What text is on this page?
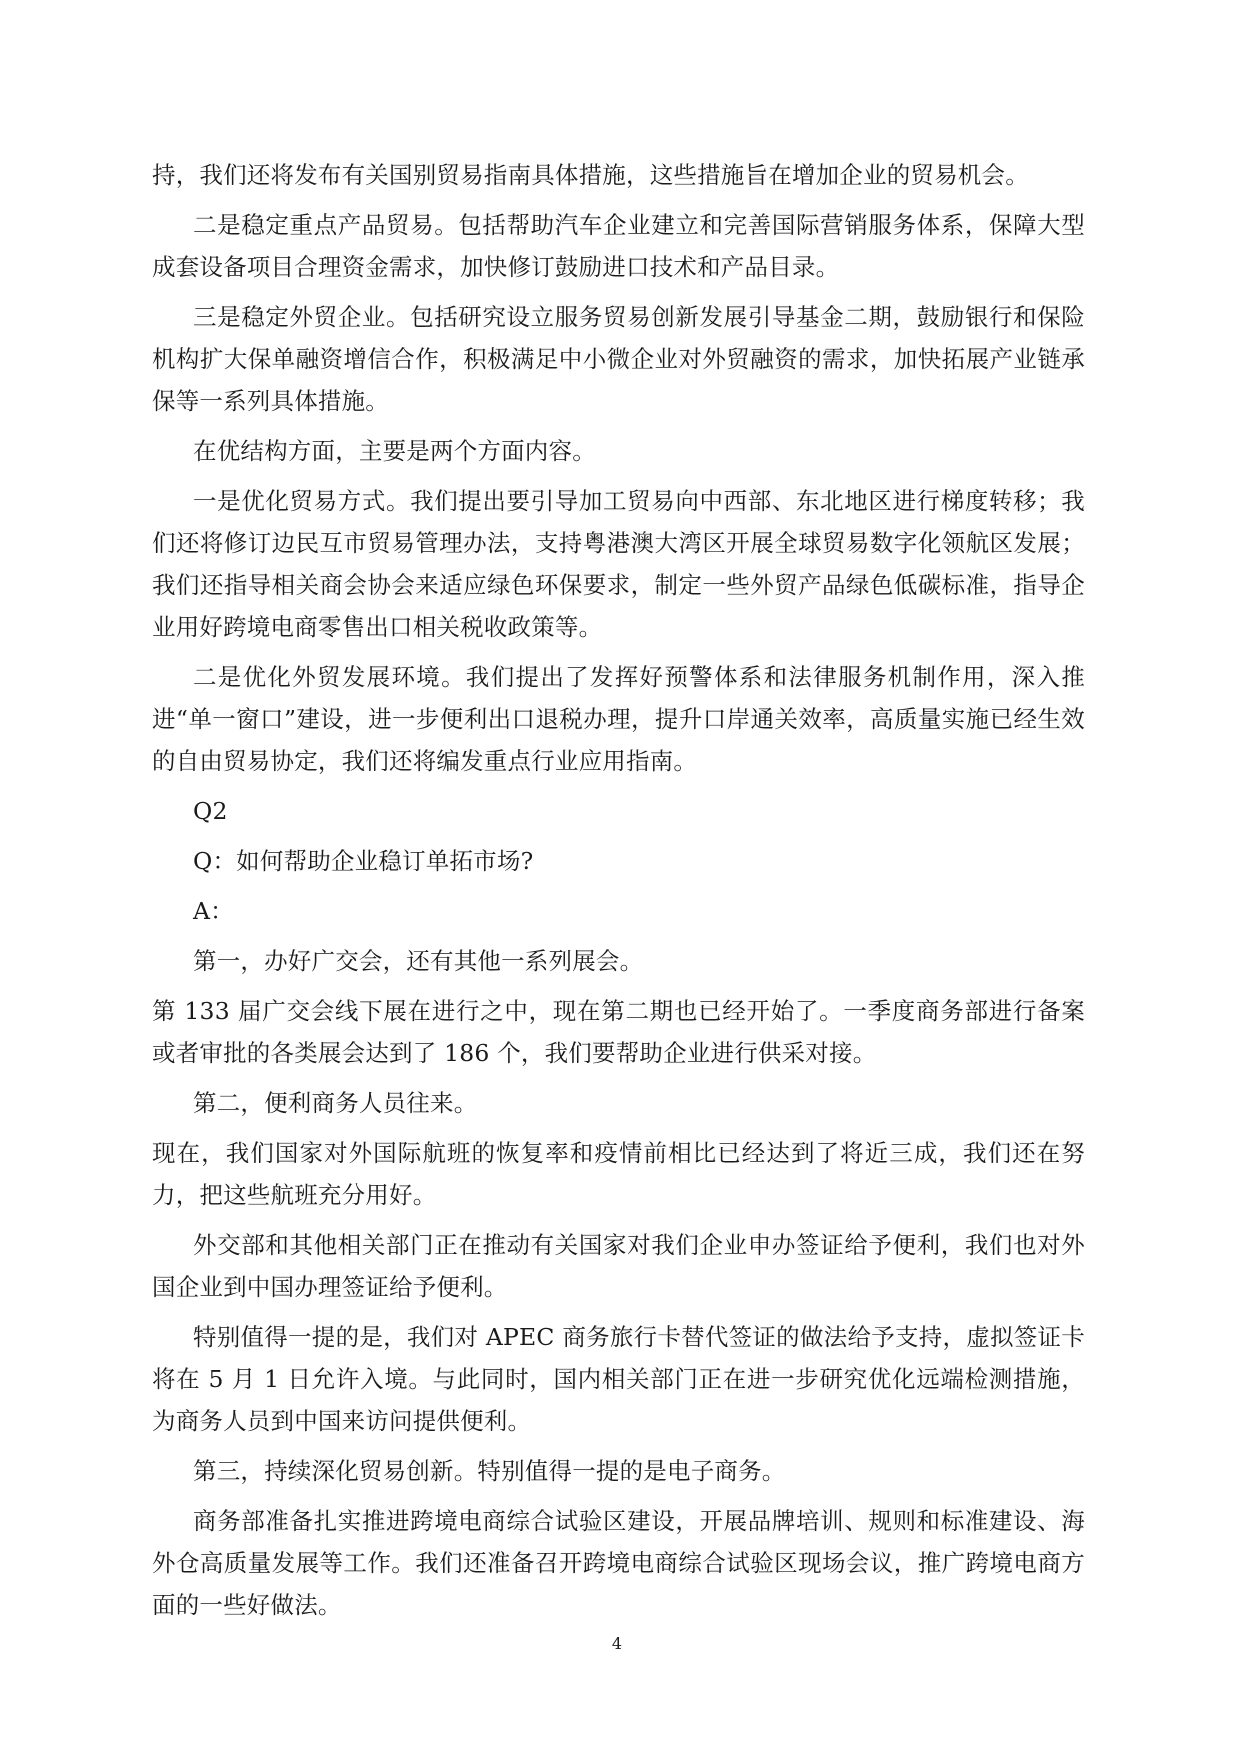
持，我们还将发布有关国别贸易指南具体措施，这些措施旨在增加企业的贸易机会。

二是稳定重点产品贸易。包括帮助汽车企业建立和完善国际营销服务体系，保障大型成套设备项目合理资金需求，加快修订鼓励进口技术和产品目录。

三是稳定外贸企业。包括研究设立服务贸易创新发展引导基金二期，鼓励银行和保险机构扩大保单融资增信合作，积极满足中小微企业对外贸融资的需求，加快拓展产业链承保等一系列具体措施。

在优结构方面，主要是两个方面内容。

一是优化贸易方式。我们提出要引导加工贸易向中西部、东北地区进行梯度转移；我们还将修订边民互市贸易管理办法，支持粤港澳大湾区开展全球贸易数字化领航区发展；我们还指导相关商会协会来适应绿色环保要求，制定一些外贸产品绿色低碳标准，指导企业用好跨境电商零售出口相关税收政策等。

二是优化外贸发展环境。我们提出了发挥好预警体系和法律服务机制作用，深入推进“单一窗口”建设，进一步便利出口退税办理，提升口岸通关效率，高质量实施已经生效的自由贸易协定，我们还将编发重点行业应用指南。

Q2

Q：如何帮助企业稳订单拓市场?

A：

第一，办好广交会，还有其他一系列展会。

第 133 届广交会线下展在进行之中，现在第二期也已经开始了。一季度商务部进行备案或者审批的各类展会达到了 186 个，我们要帮助企业进行供采对接。

第二，便利商务人员往来。

现在，我们国家对外国际航班的恢复率和疫情前相比已经达到了将近三成，我们还在努力，把这些航班充分用好。

外交部和其他相关部门正在推动有关国家对我们企业申办签证给予便利，我们也对外国企业到中国办理签证给予便利。

特别值得一提的是，我们对 APEC 商务旅行卡替代签证的做法给予支持，虚拟签证卡将在 5 月 1 日允许入境。与此同时，国内相关部门正在进一步研究优化远端检测措施，为商务人员到中国来访问提供便利。

第三，持续深化贸易创新。特别值得一提的是电子商务。

商务部准备扎实推进跨境电商综合试验区建设，开展品牌培训、规则和标准建设、海外仓高质量发展等工作。我们还准备召开跨境电商综合试验区现场会议，推广跨境电商方面的一些好做法。

4
